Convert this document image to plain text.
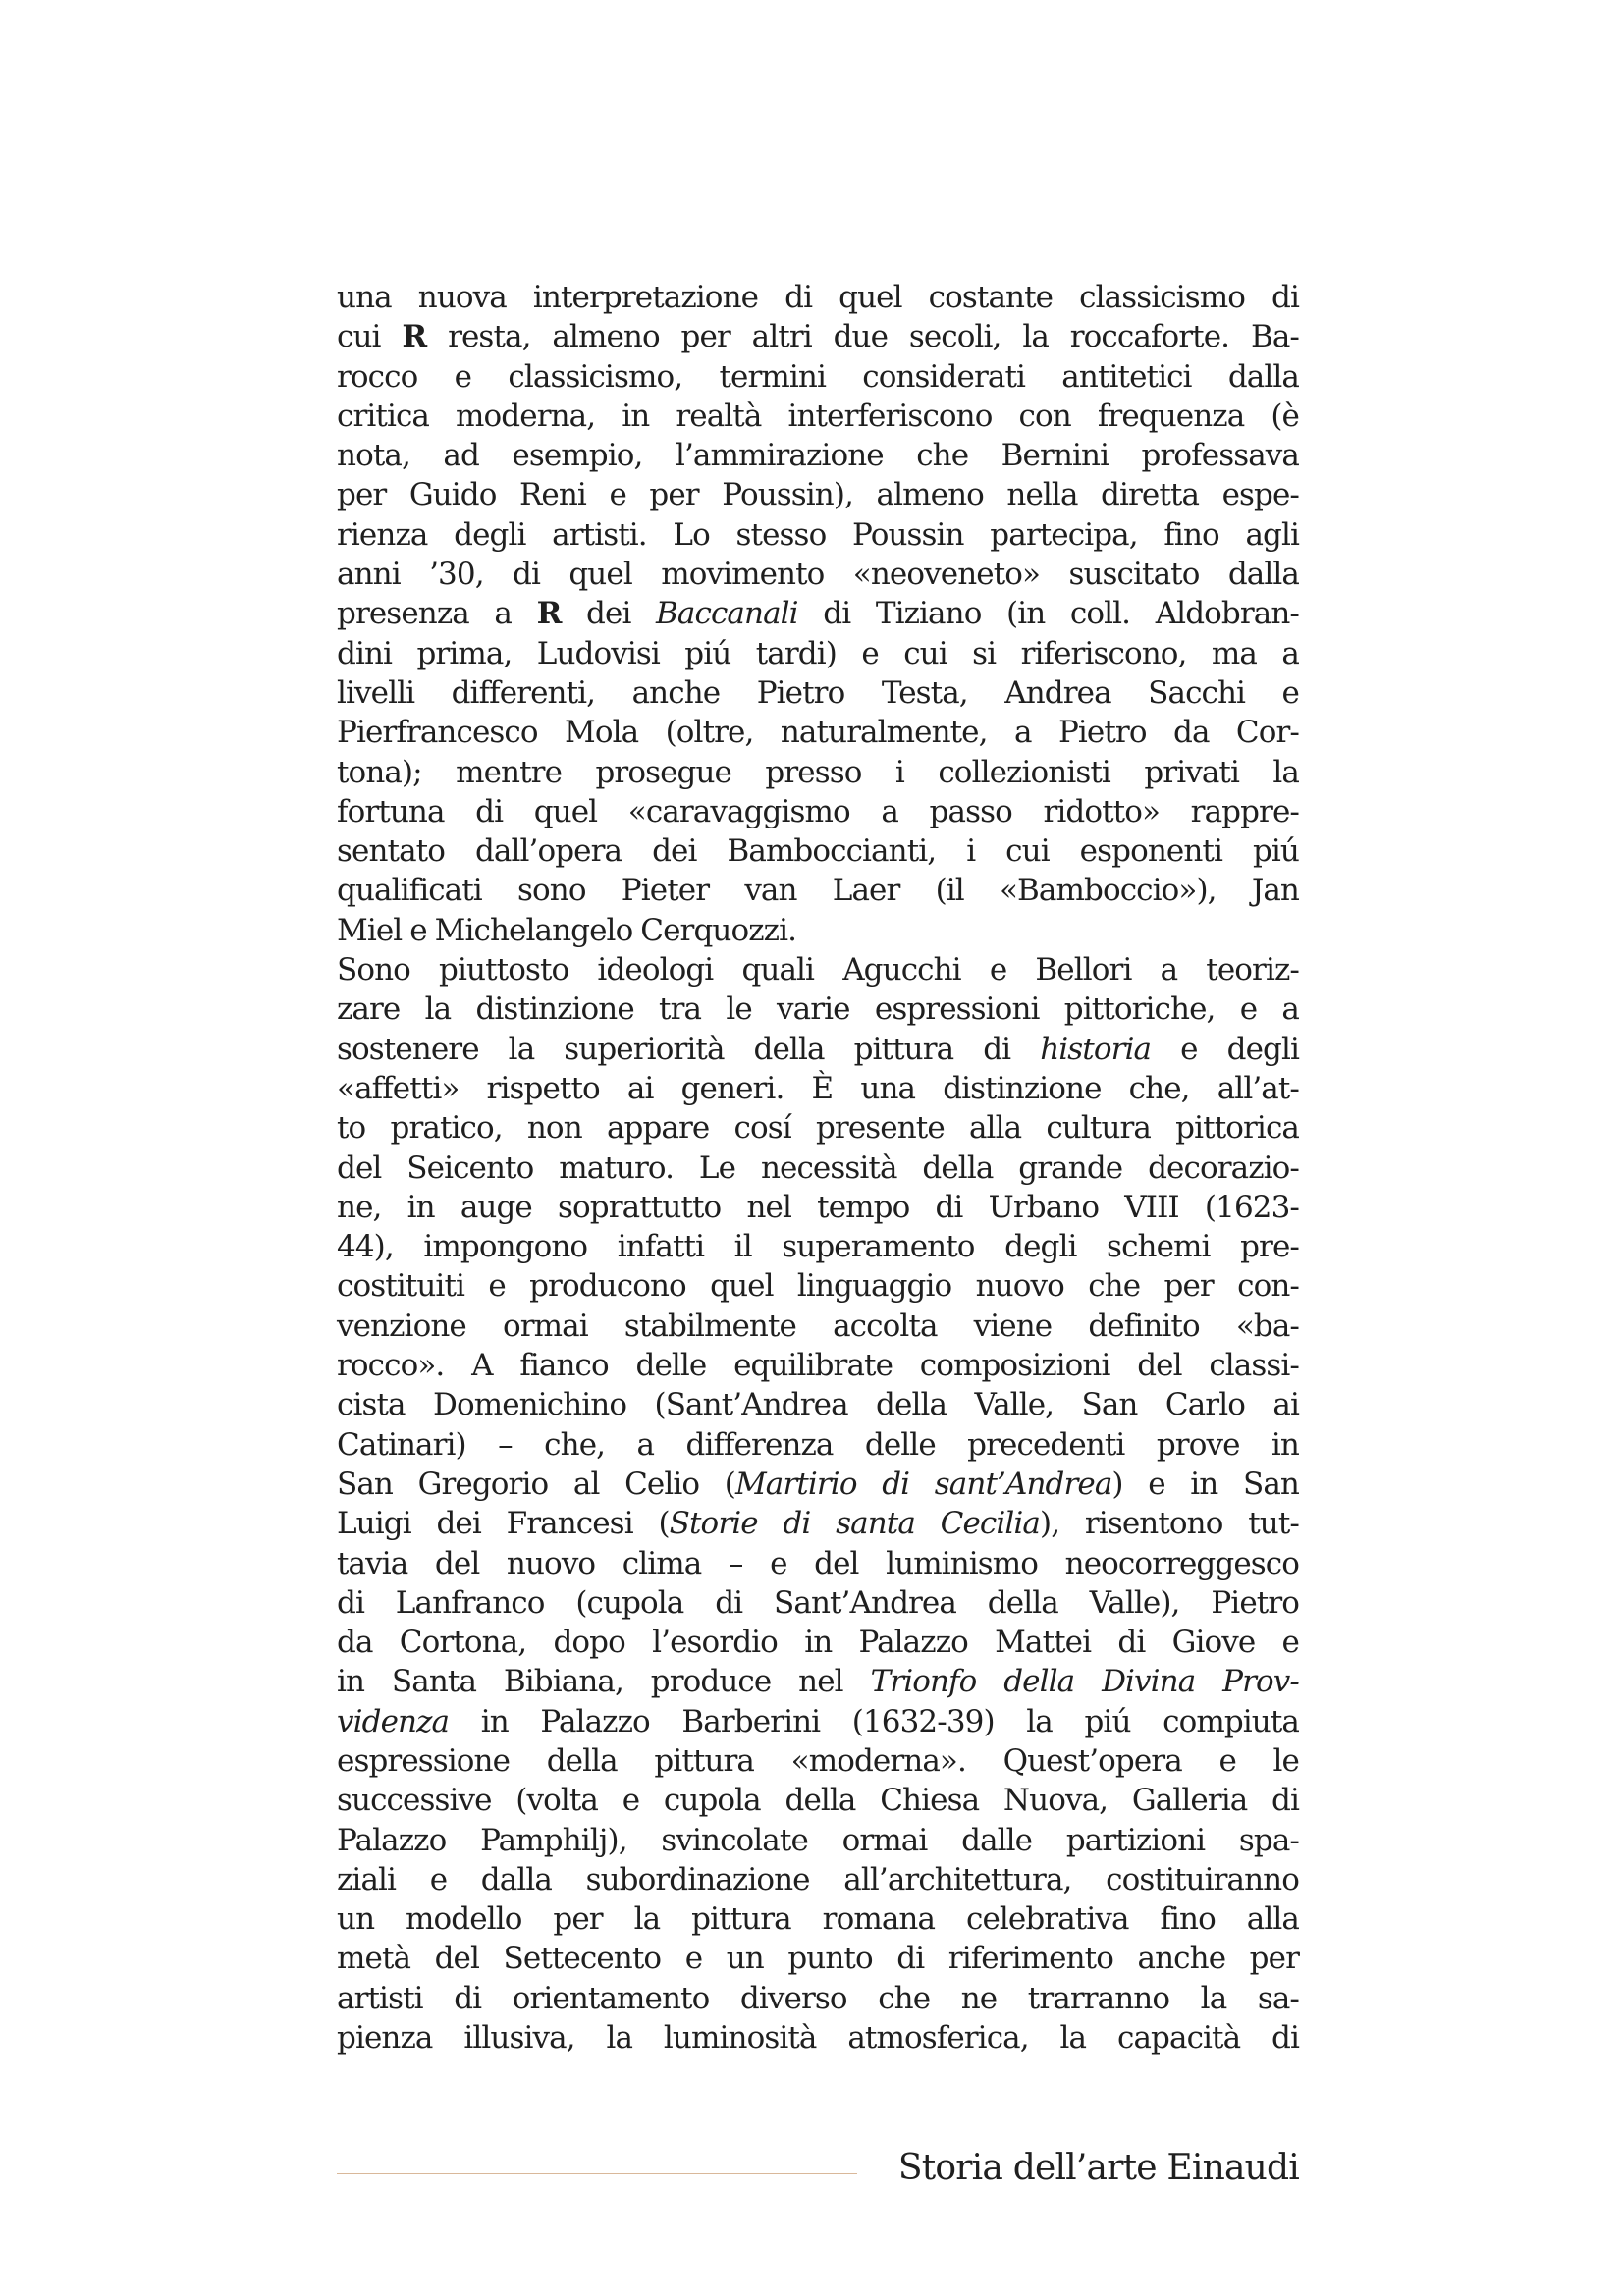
una nuova interpretazione di quel costante classicismo di
cui R resta, almeno per altri due secoli, la roccaforte. Ba-
rocco e classicismo, termini considerati antitetici dalla
critica moderna, in realtà interferiscono con frequenza (è
nota, ad esempio, l’ammirazione che Bernini professava
per Guido Reni e per Poussin), almeno nella diretta espe-
rienza degli artisti. Lo stesso Poussin partecipa, fino agli
anni ’30, di quel movimento «neoveneto» suscitato dalla
presenza a R dei Baccanali di Tiziano (in coll. Aldobran-
dini prima, Ludovisi piú tardi) e cui si riferiscono, ma a
livelli differenti, anche Pietro Testa, Andrea Sacchi e
Pierfrancesco Mola (oltre, naturalmente, a Pietro da Cor-
tona); mentre prosegue presso i collezionisti privati la
fortuna di quel «caravaggismo a passo ridotto» rappre-
sentato dall’opera dei Bamboccianti, i cui esponenti piú
qualificati sono Pieter van Laer (il «Bamboccio»), Jan
Miel e Michelangelo Cerquozzi.
Sono piuttosto ideologi quali Agucchi e Bellori a teoriz-
zare la distinzione tra le varie espressioni pittoriche, e a
sostenere la superiorità della pittura di historia e degli
«affetti» rispetto ai generi. È una distinzione che, all’at-
to pratico, non appare cosí presente alla cultura pittorica
del Seicento maturo. Le necessità della grande decorazio-
ne, in auge soprattutto nel tempo di Urbano VIII (1623-
44), impongono infatti il superamento degli schemi pre-
costituiti e producono quel linguaggio nuovo che per con-
venzione ormai stabilmente accolta viene definito «ba-
rocco». A fianco delle equilibrate composizioni del classi-
cista Domenichino (Sant’Andrea della Valle, San Carlo ai
Catinari) – che, a differenza delle precedenti prove in
San Gregorio al Celio (Martirio di sant’Andrea) e in San
Luigi dei Francesi (Storie di santa Cecilia), risentono tut-
tavia del nuovo clima – e del luminismo neocorreggesco
di Lanfranco (cupola di Sant’Andrea della Valle), Pietro
da Cortona, dopo l’esordio in Palazzo Mattei di Giove e
in Santa Bibiana, produce nel Trionfo della Divina Prov-
videnza in Palazzo Barberini (1632-39) la piú compiuta
espressione della pittura «moderna». Quest’opera e le
successive (volta e cupola della Chiesa Nuova, Galleria di
Palazzo Pamphilj), svincolate ormai dalle partizioni spa-
ziali e dalla subordinazione all’architettura, costituiranno
un modello per la pittura romana celebrativa fino alla
metà del Settecento e un punto di riferimento anche per
artisti di orientamento diverso che ne trarranno la sa-
pienza illusiva, la luminosità atmosferica, la capacità di
Storia dell’arte Einaudi
